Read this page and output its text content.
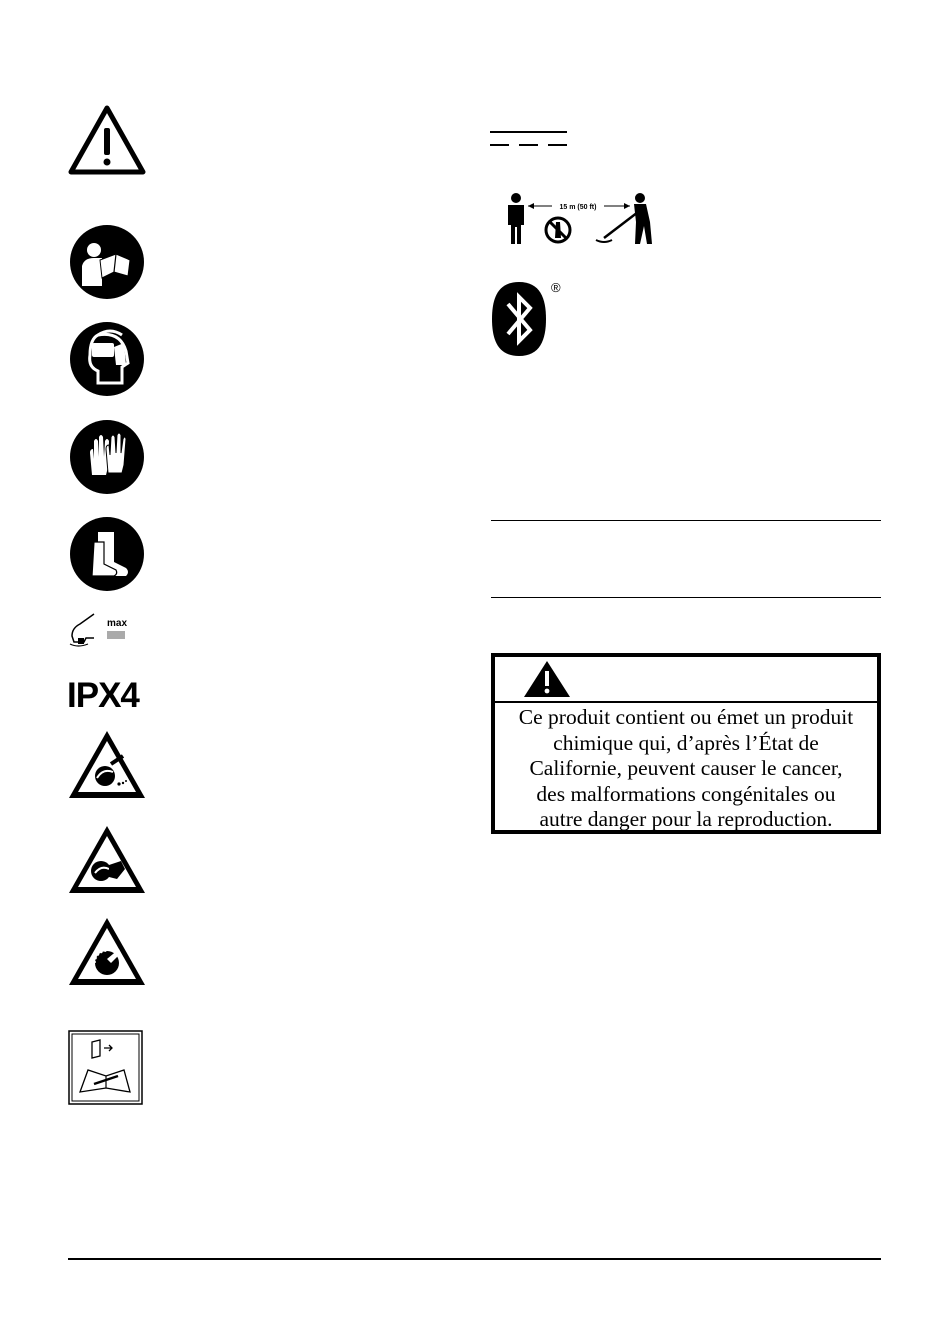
max
IPX4
15 m (50 ft)
®
Ce produit contient ou émet un produit
chimique qui, d’après l’État de
Californie, peuvent causer le cancer,
des malformations congénitales ou
autre danger pour la reproduction.
